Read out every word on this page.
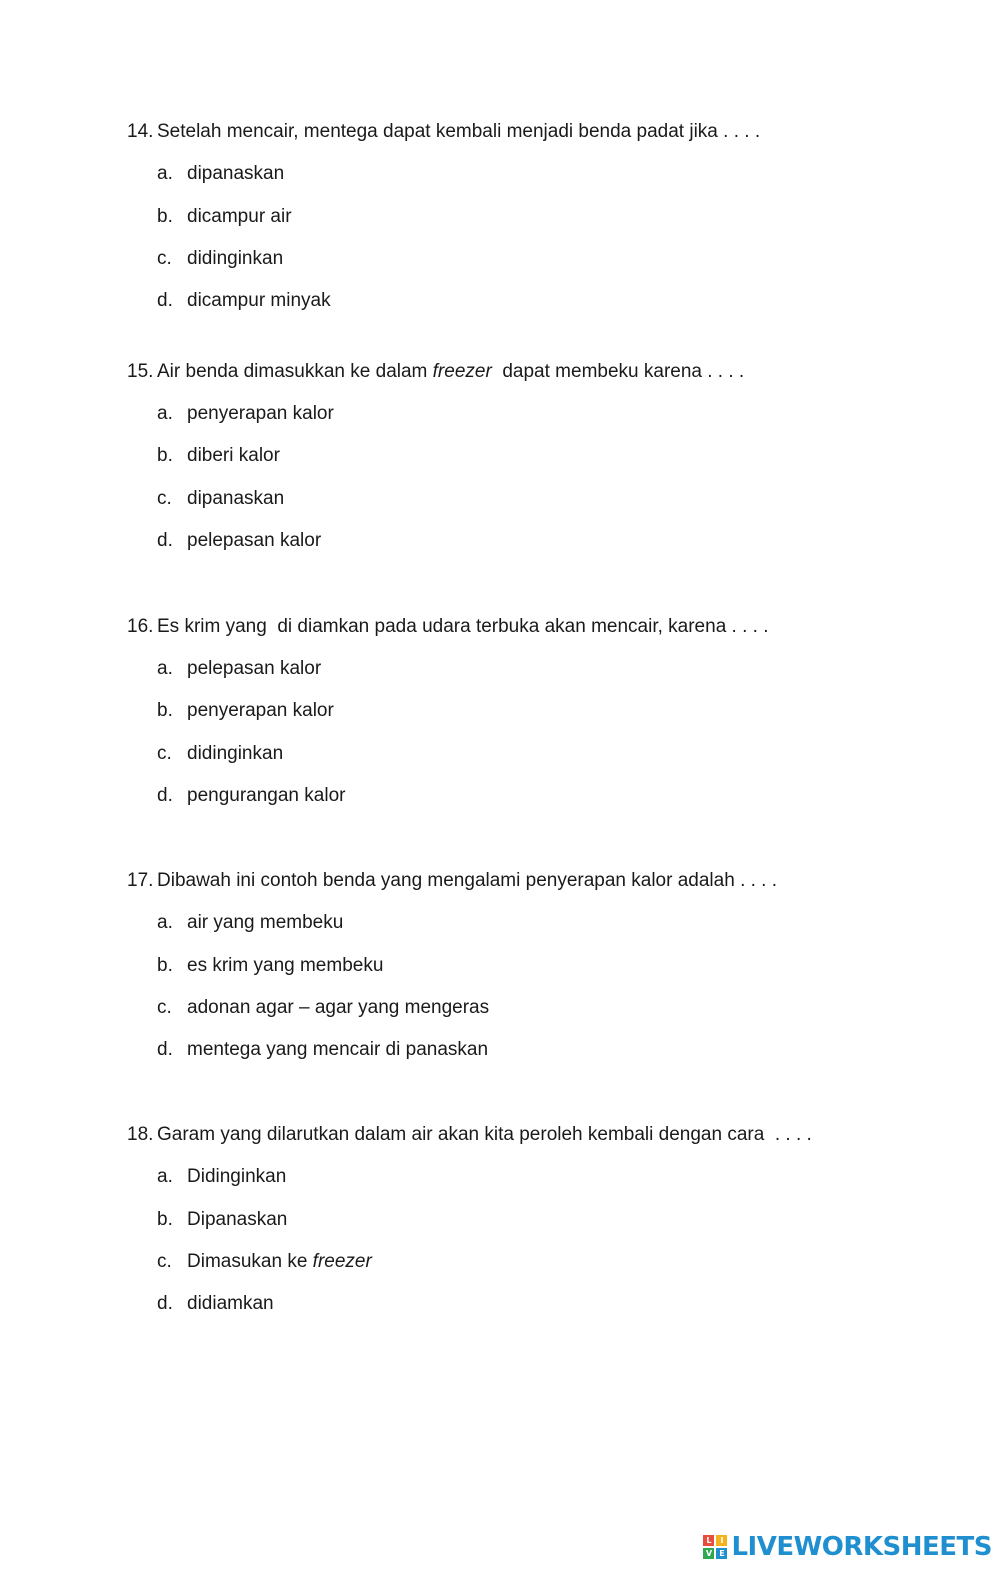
14. Setelah mencair, mentega dapat kembali menjadi benda padat jika . . . .
a. dipanaskan
b. dicampur air
c. didinginkan
d. dicampur minyak
15. Air benda dimasukkan ke dalam freezer  dapat membeku karena . . . .
a. penyerapan kalor
b. diberi kalor
c. dipanaskan
d. pelepasan kalor
16. Es krim yang  di diamkan pada udara terbuka akan mencair, karena . . . .
a. pelepasan kalor
b. penyerapan kalor
c. didinginkan
d. pengurangan kalor
17. Dibawah ini contoh benda yang mengalami penyerapan kalor adalah . . . .
a. air yang membeku
b. es krim yang membeku
c. adonan agar – agar yang mengeras
d. mentega yang mencair di panaskan
18. Garam yang dilarutkan dalam air akan kita peroleh kembali dengan cara  . . . .
a. Didinginkan
b. Dipanaskan
c. Dimasukan ke freezer
d. didiamkan
L	I
V E LIVEWORKSHEETS
